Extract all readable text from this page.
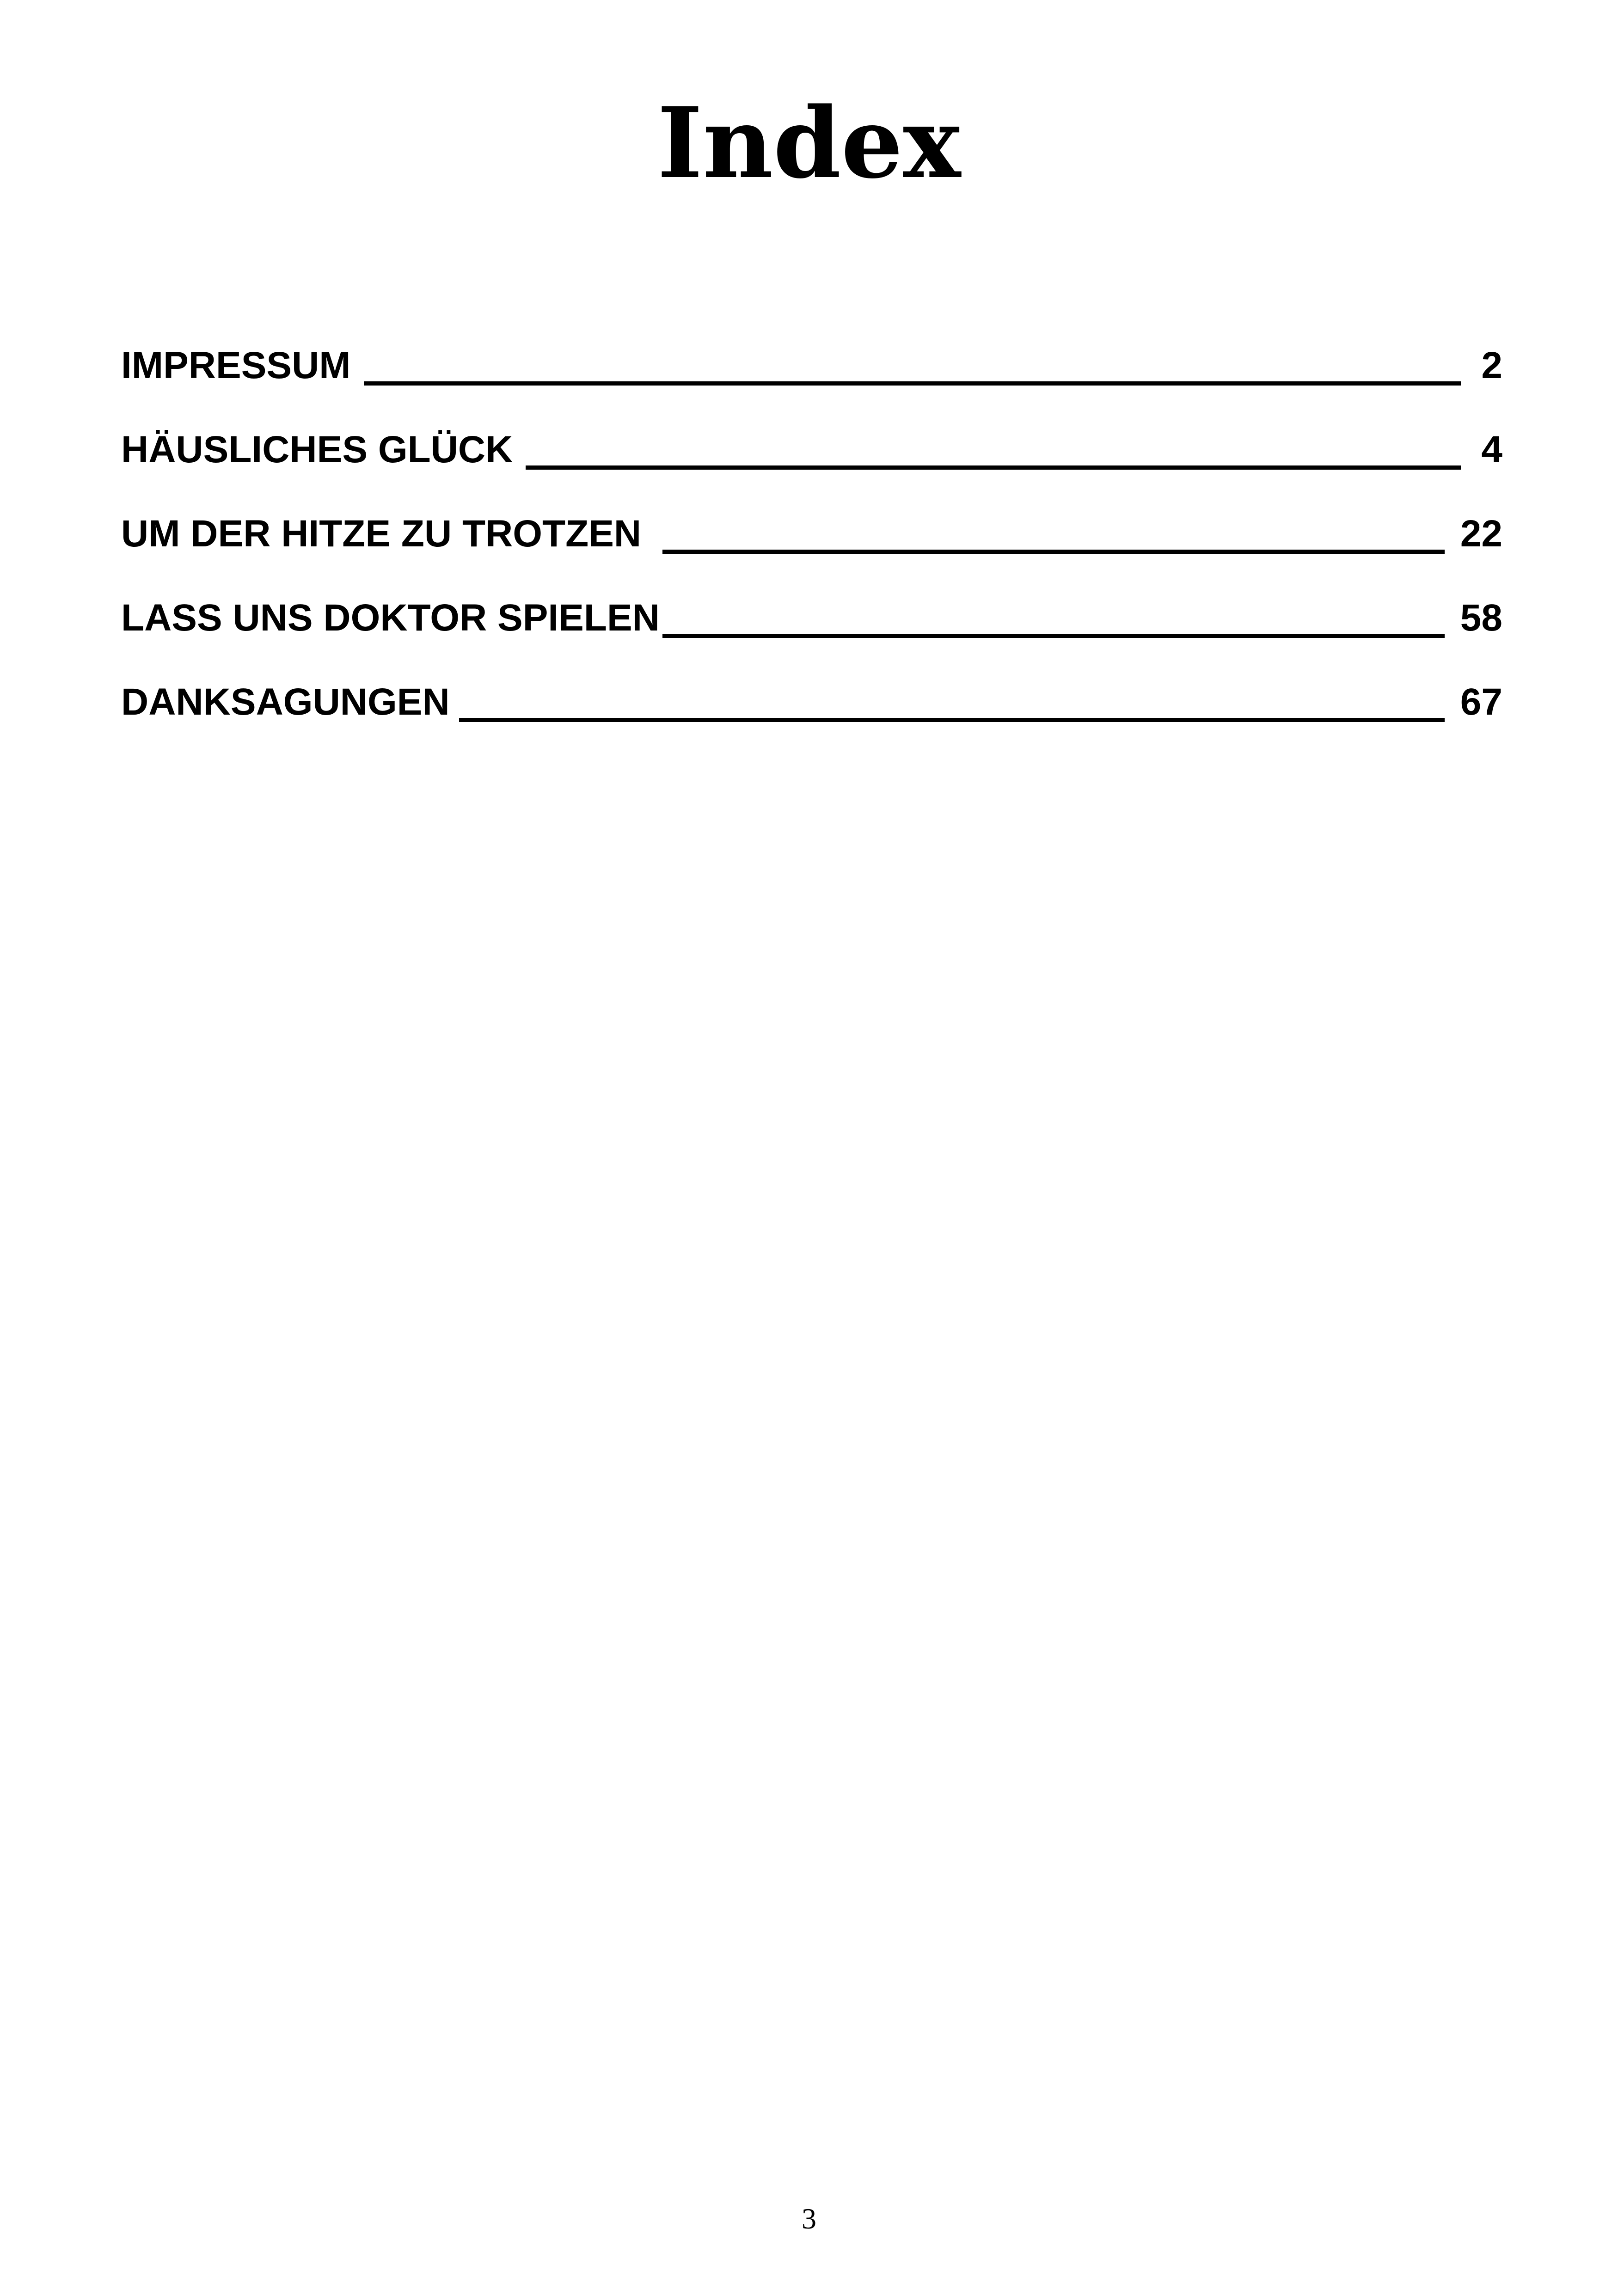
Index
IMPRESSUM	2
HÄUSLICHES GLÜCK	4
UM DER HITZE ZU TROTZEN	22
LASS UNS DOKTOR SPIELEN	58
DANKSAGUNGEN	67
3
